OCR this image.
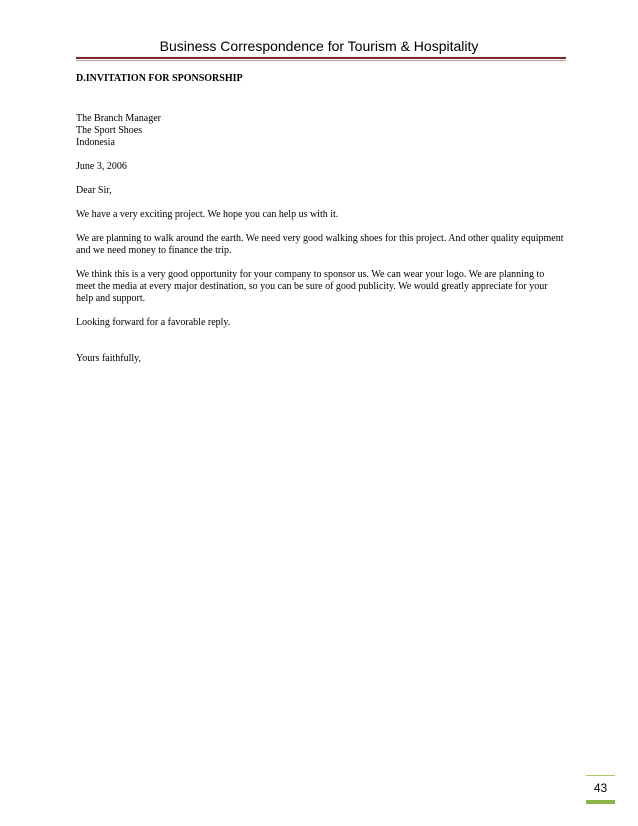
Business Correspondence for Tourism & Hospitality

D.INVITATION FOR SPONSORSHIP

The Branch Manager
The Sport Shoes
Indonesia

June 3, 2006

Dear Sir,

We have a very exciting project. We hope you can help us with it.

We are planning to walk around the earth. We need very good walking shoes for this project. And other quality equipment and we need money to finance the trip.

We think this is a very good opportunity for your company to sponsor us. We can wear your logo. We are planning to meet the media at every major destination, so you can be sure of good publicity. We would greatly appreciate for your help and support.

Looking forward for a favorable reply.

Yours faithfully,

43
